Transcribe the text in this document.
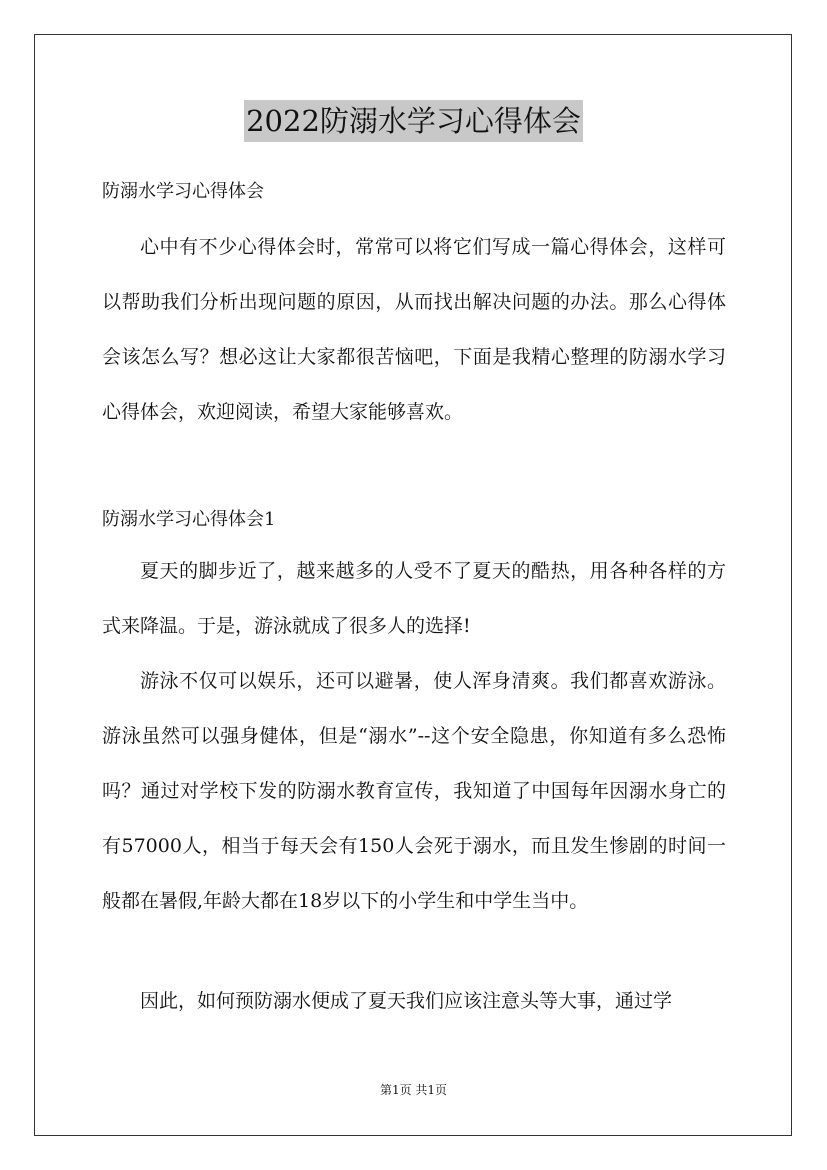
2022防溺水学习心得体会
防溺水学习心得体会

心中有不少心得体会时，常常可以将它们写成一篇心得体会，这样可以帮助我们分析出现问题的原因，从而找出解决问题的办法。那么心得体会该怎么写？想必这让大家都很苦恼吧，下面是我精心整理的防溺水学习心得体会，欢迎阅读，希望大家能够喜欢。

防溺水学习心得体会1

夏天的脚步近了，越来越多的人受不了夏天的酷热，用各种各样的方式来降温。于是，游泳就成了很多人的选择!

游泳不仅可以娱乐，还可以避暑，使人浑身清爽。我们都喜欢游泳。游泳虽然可以强身健体，但是“溺水”--这个安全隐患，你知道有多么恐怖吗？通过对学校下发的防溺水教育宣传，我知道了中国每年因溺水身亡的有57000人，相当于每天会有150人会死于溺水，而且发生惨剧的时间一般都在暑假,年龄大都在18岁以下的小学生和中学生当中。

因此，如何预防溺水便成了夏天我们应该注意头等大事，通过学

第1页 共1页
